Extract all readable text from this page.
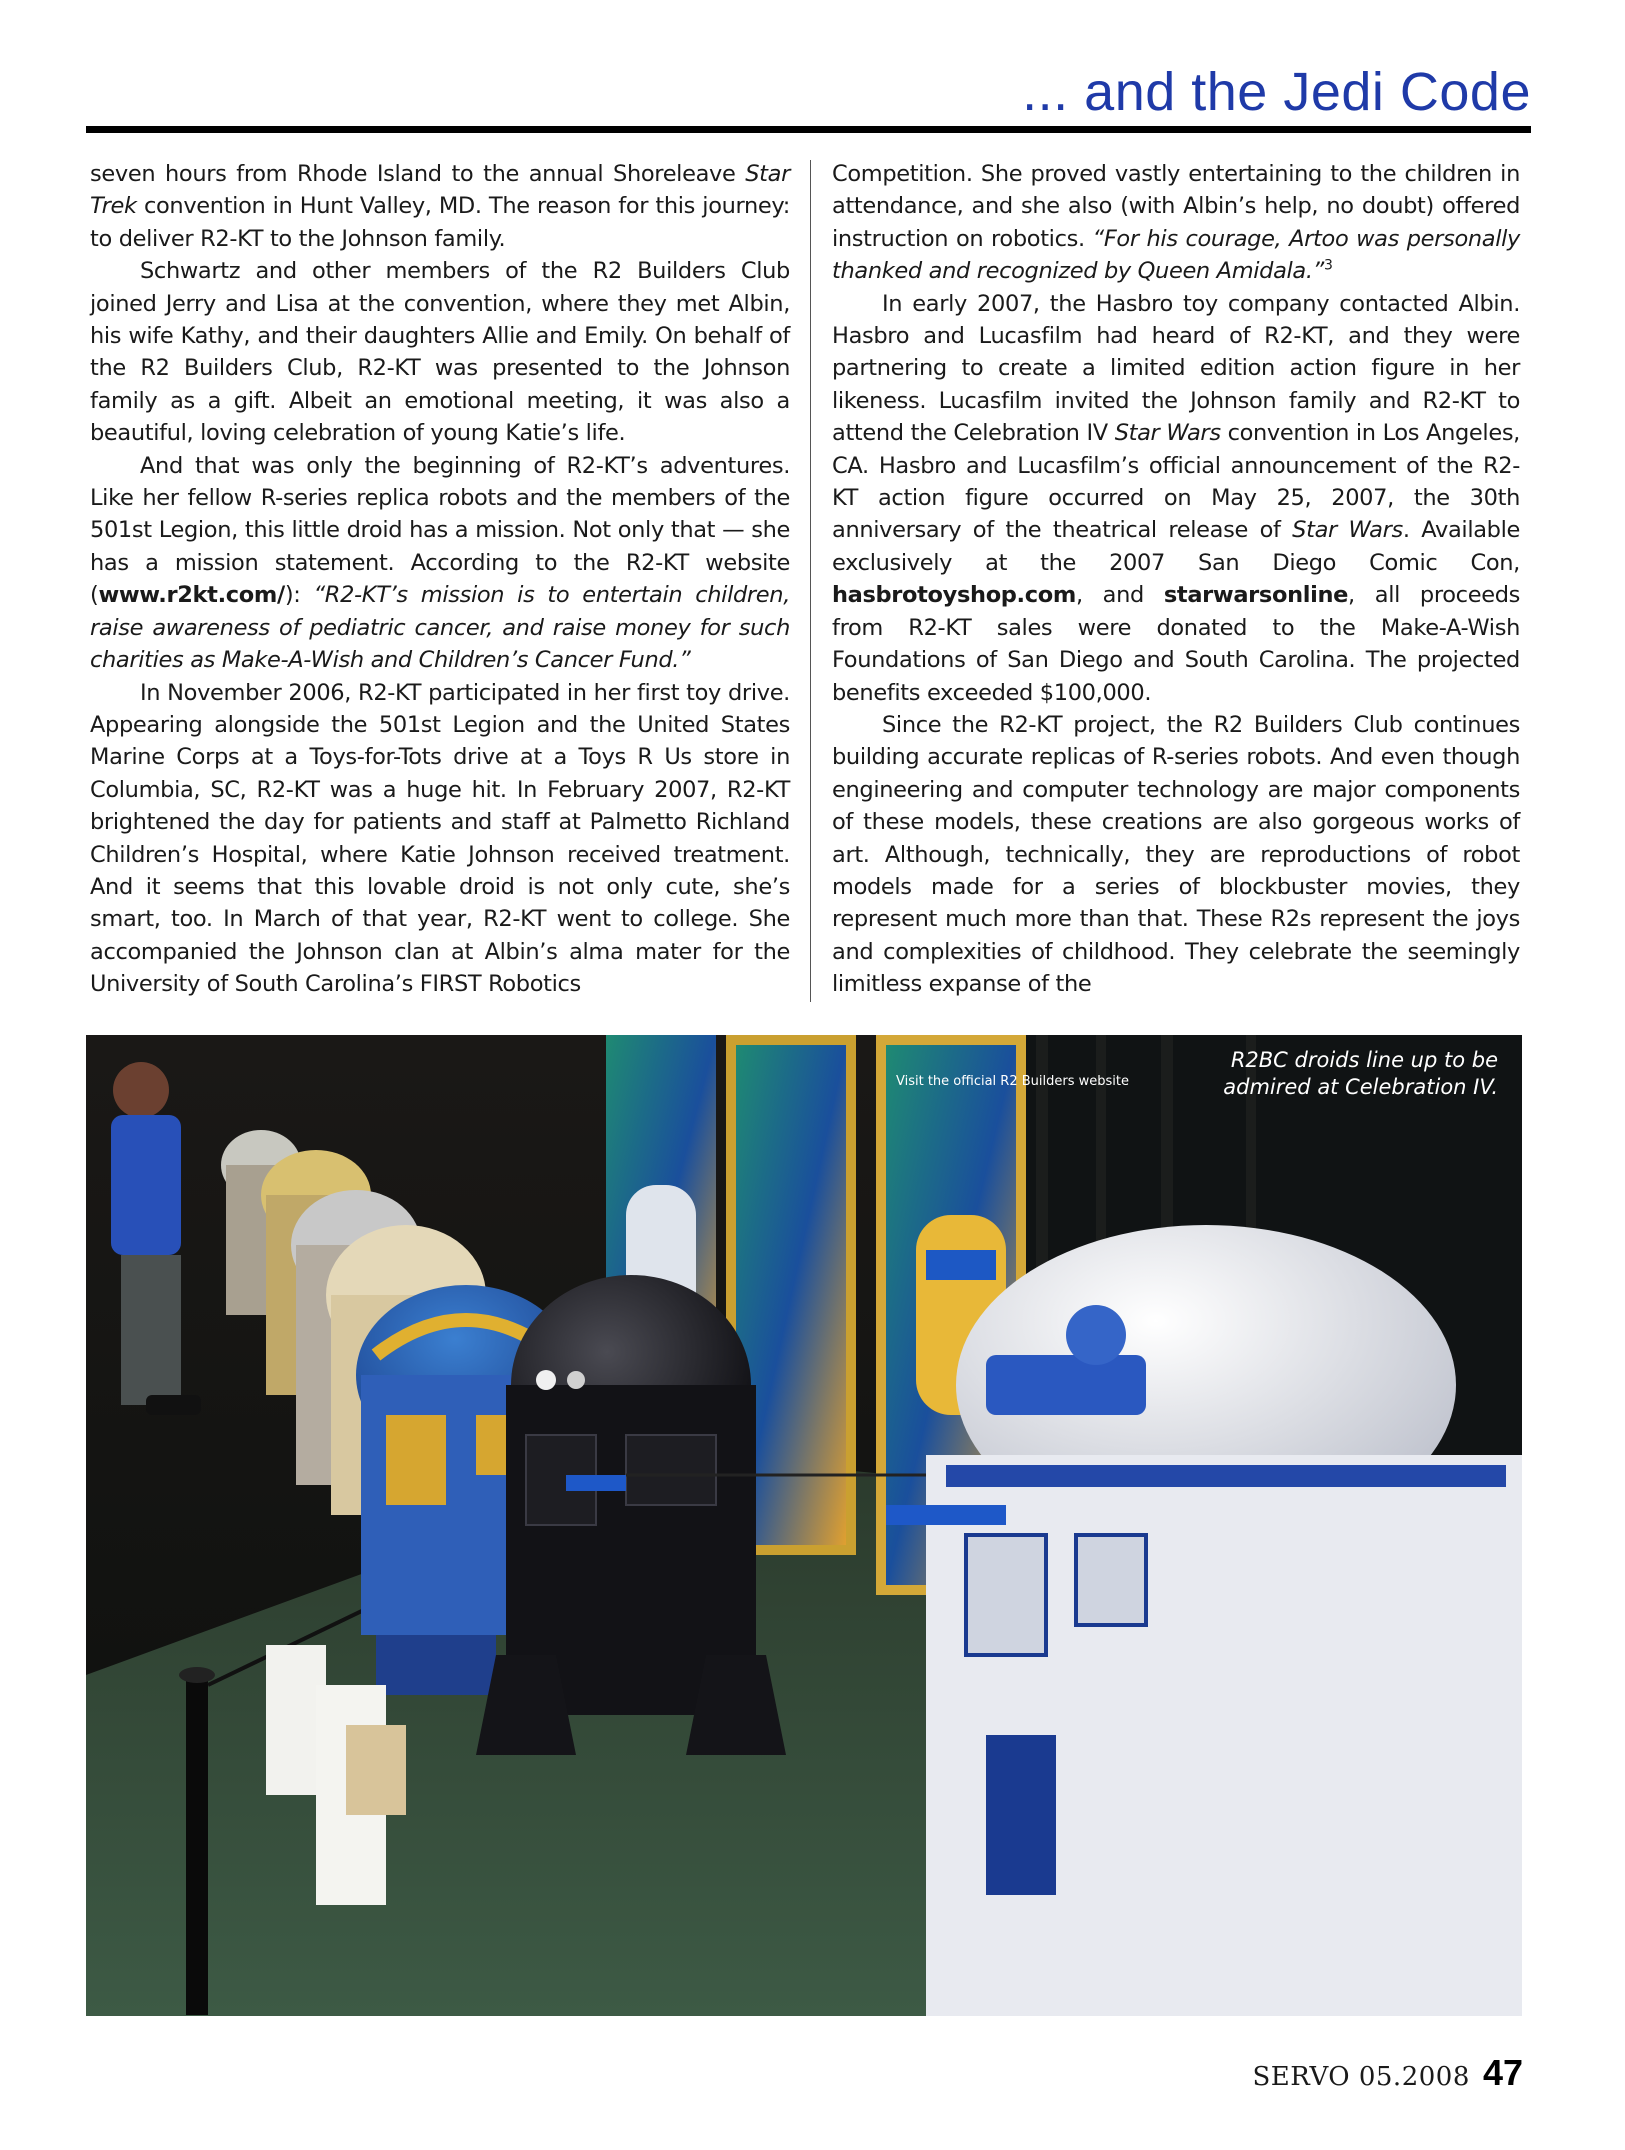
... and the Jedi Code

seven hours from Rhode Island to the annual Shoreleave Star Trek convention in Hunt Valley, MD. The reason for this journey: to deliver R2-KT to the Johnson family.

Schwartz and other members of the R2 Builders Club joined Jerry and Lisa at the convention, where they met Albin, his wife Kathy, and their daughters Allie and Emily. On behalf of the R2 Builders Club, R2-KT was presented to the Johnson family as a gift. Albeit an emotional meeting, it was also a beautiful, loving celebration of young Katie’s life.

And that was only the beginning of R2-KT’s adventures. Like her fellow R-series replica robots and the members of the 501st Legion, this little droid has a mission. Not only that — she has a mission statement. According to the R2-KT website (www.r2kt.com/): “R2-KT’s mission is to entertain children, raise awareness of pediatric cancer, and raise money for such charities as Make-A-Wish and Children’s Cancer Fund.”

In November 2006, R2-KT participated in her first toy drive. Appearing alongside the 501st Legion and the United States Marine Corps at a Toys-for-Tots drive at a Toys R Us store in Columbia, SC, R2-KT was a huge hit. In February 2007, R2-KT brightened the day for patients and staff at Palmetto Richland Children’s Hospital, where Katie Johnson received treatment. And it seems that this lovable droid is not only cute, she’s smart, too. In March of that year, R2-KT went to college. She accompanied the Johnson clan at Albin’s alma mater for the University of South Carolina’s FIRST Robotics

Competition. She proved vastly entertaining to the children in attendance, and she also (with Albin’s help, no doubt) offered instruction on robotics. “For his courage, Artoo was personally thanked and recognized by Queen Amidala.”$^3$

In early 2007, the Hasbro toy company contacted Albin. Hasbro and Lucasfilm had heard of R2-KT, and they were partnering to create a limited edition action figure in her likeness. Lucasfilm invited the Johnson family and R2-KT to attend the Celebration IV Star Wars convention in Los Angeles, CA. Hasbro and Lucasfilm’s official announcement of the R2-KT action figure occurred on May 25, 2007, the 30th anniversary of the theatrical release of Star Wars. Available exclusively at the 2007 San Diego Comic Con, hasbrotoyshop.com, and starwarsonline, all proceeds from R2-KT sales were donated to the Make-A-Wish Foundations of San Diego and South Carolina. The projected benefits exceeded $100,000.

Since the R2-KT project, the R2 Builders Club continues building accurate replicas of R-series robots. And even though engineering and computer technology are major components of these models, these creations are also gorgeous works of art. Although, technically, they are reproductions of robot models made for a series of blockbuster movies, they represent much more than that. These R2s represent the joys and complexities of childhood. They celebrate the seemingly limitless expanse of the

Visit the official R2 Builders website
R2BC droids line up to be
admired at Celebration IV.
SERVO 05.2008 47
